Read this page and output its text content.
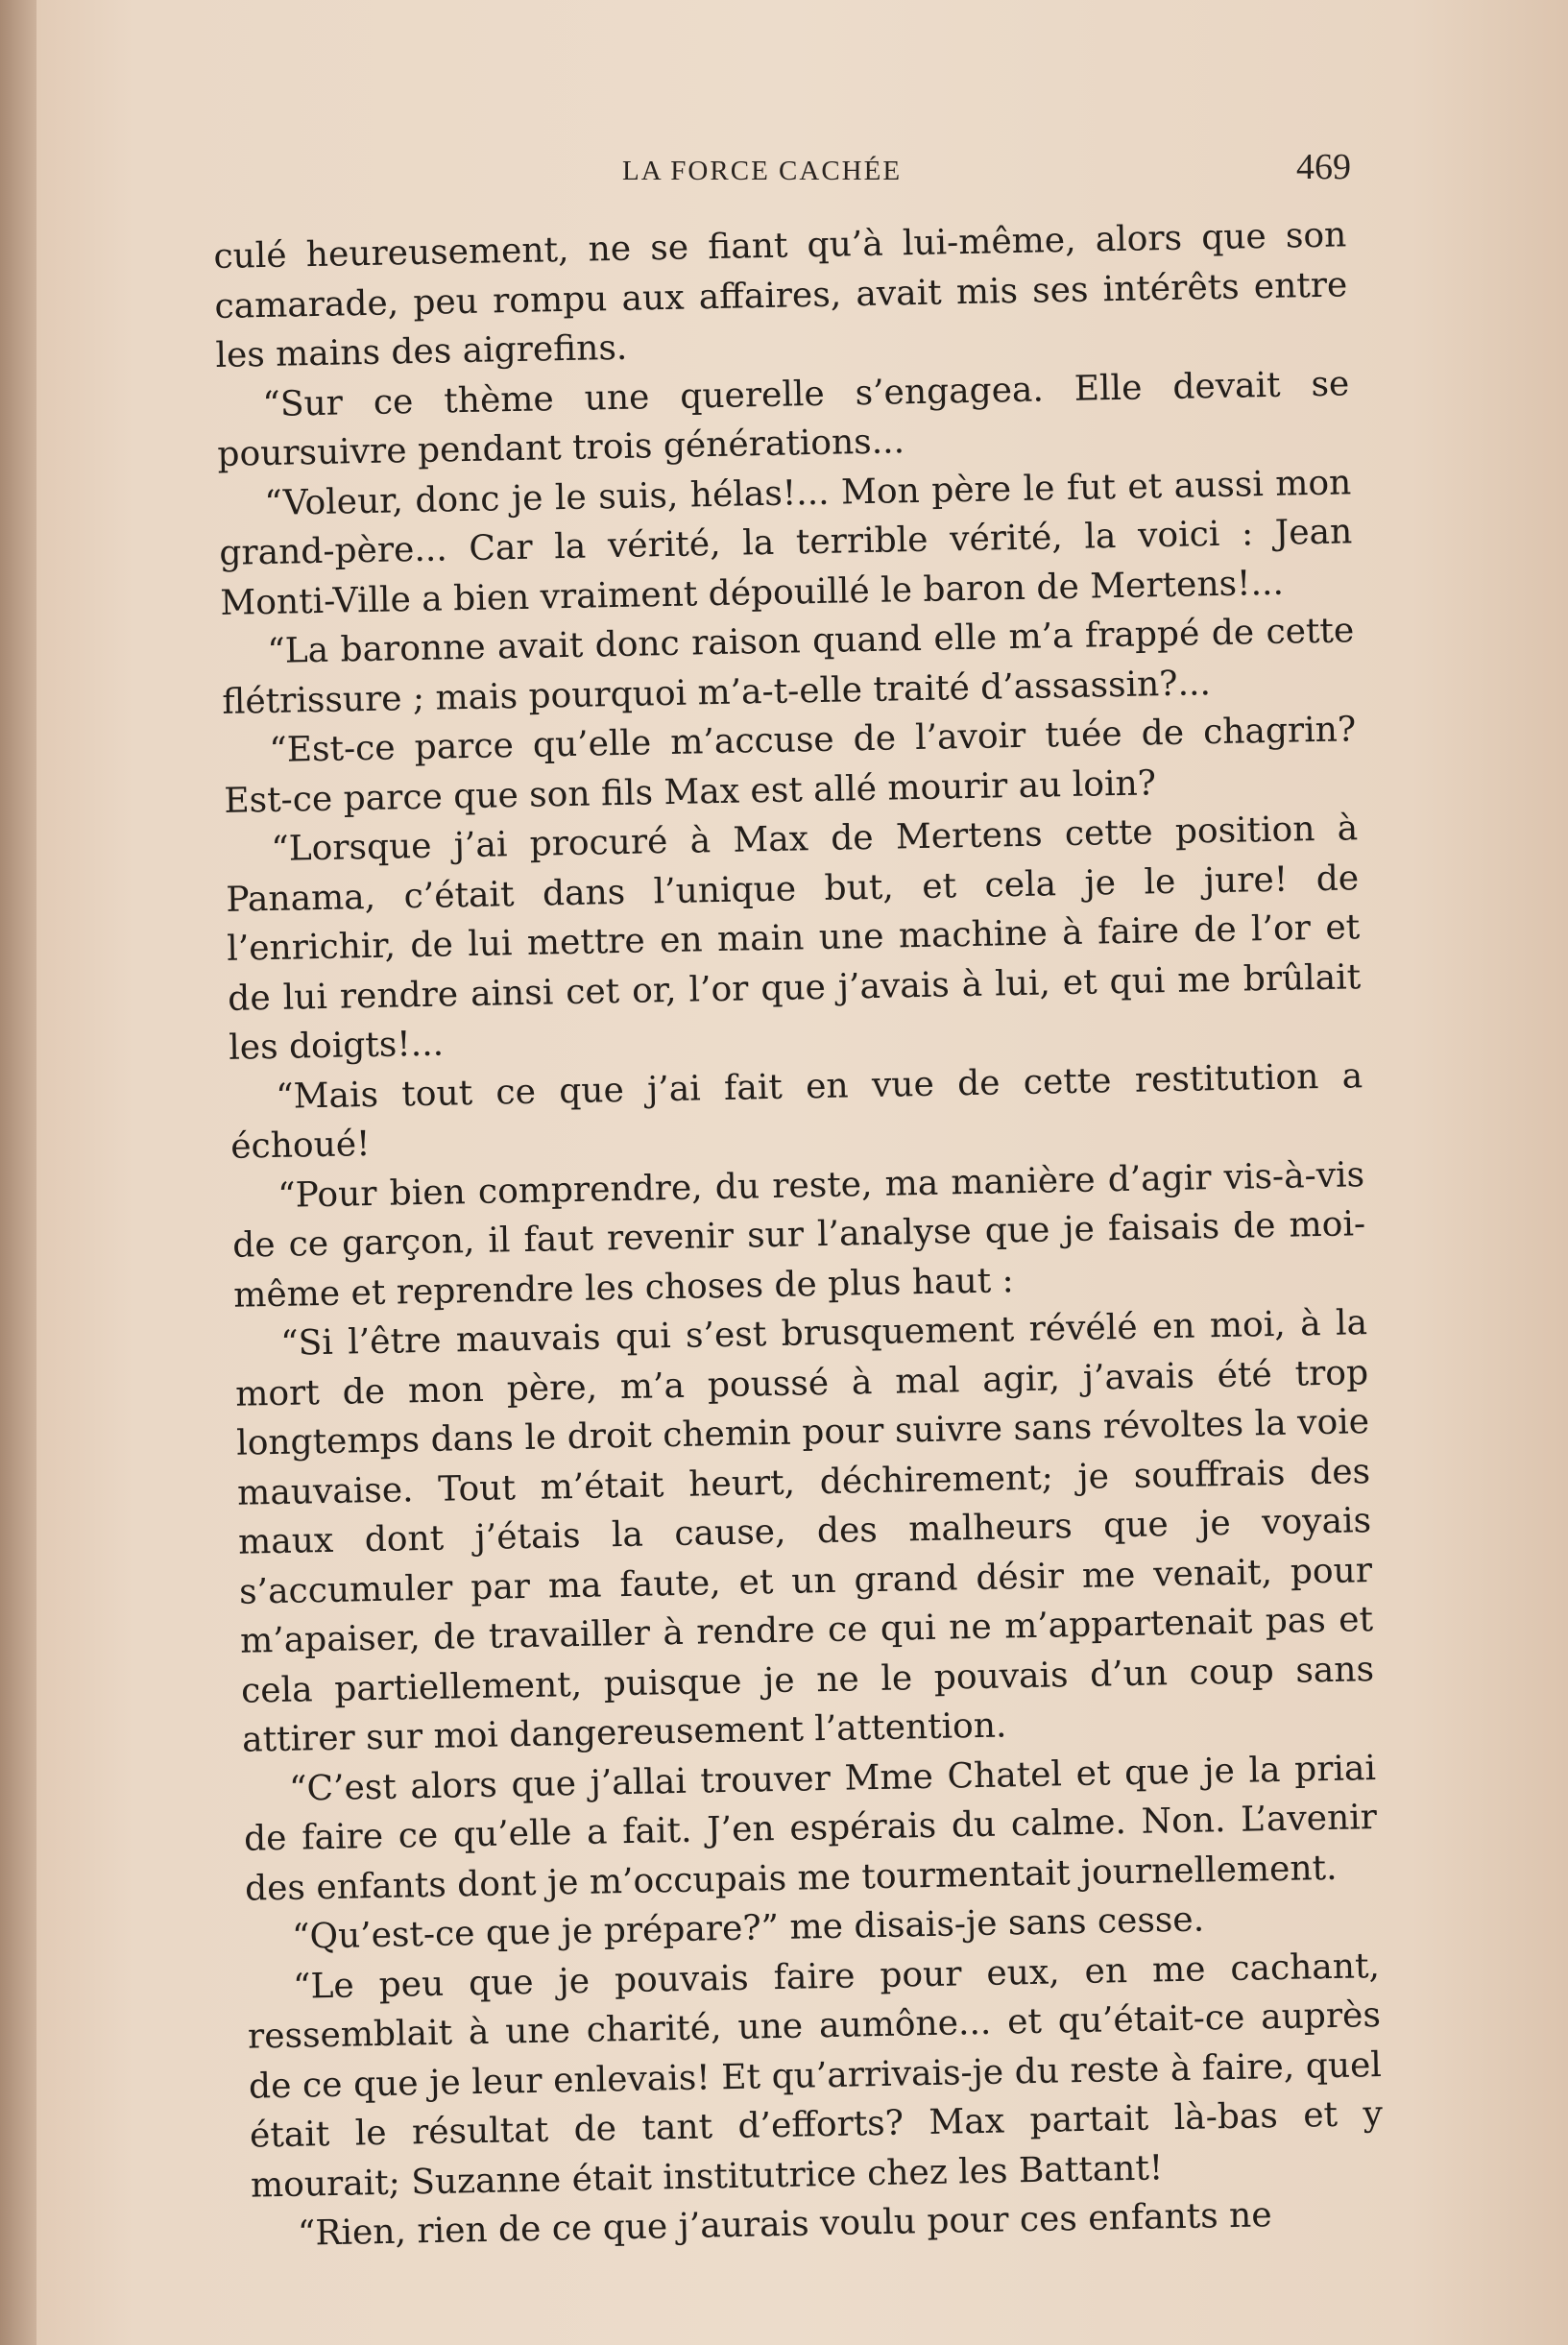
LA FORCE CACHÉE	469

culé heureusement, ne se fiant qu’à lui-même, alors que son camarade, peu rompu aux affaires, avait mis ses intérêts entre les mains des aigrefins.

“Sur ce thème une querelle s’engagea. Elle devait se poursuivre pendant trois générations...

“Voleur, donc je le suis, hélas!... Mon père le fut et aussi mon grand-père... Car la vérité, la terrible vérité, la voici : Jean Monti-Ville a bien vraiment dépouillé le baron de Mertens!...

“La baronne avait donc raison quand elle m’a frappé de cette flétrissure ; mais pourquoi m’a-t-elle traité d’assassin?...

“Est-ce parce qu’elle m’accuse de l’avoir tuée de chagrin? Est-ce parce que son fils Max est allé mourir au loin?

“Lorsque j’ai procuré à Max de Mertens cette position à Panama, c’était dans l’unique but, et cela je le jure! de l’enrichir, de lui mettre en main une machine à faire de l’or et de lui rendre ainsi cet or, l’or que j’avais à lui, et qui me brûlait les doigts!...

“Mais tout ce que j’ai fait en vue de cette restitution a échoué!

“Pour bien comprendre, du reste, ma manière d’agir vis-à-vis de ce garçon, il faut revenir sur l’analyse que je faisais de moi-même et reprendre les choses de plus haut :

“Si l’être mauvais qui s’est brusquement révélé en moi, à la mort de mon père, m’a poussé à mal agir, j’avais été trop longtemps dans le droit chemin pour suivre sans révoltes la voie mauvaise. Tout m’était heurt, déchirement; je souffrais des maux dont j’étais la cause, des malheurs que je voyais s’accumuler par ma faute, et un grand désir me venait, pour m’apaiser, de travailler à rendre ce qui ne m’appartenait pas et cela partiellement, puisque je ne le pouvais d’un coup sans attirer sur moi dangereusement l’attention.

“C’est alors que j’allai trouver Mme Chatel et que je la priai de faire ce qu’elle a fait. J’en espérais du calme. Non. L’avenir des enfants dont je m’occupais me tourmentait journellement.

“Qu’est-ce que je prépare?” me disais-je sans cesse.

“Le peu que je pouvais faire pour eux, en me cachant, ressemblait à une charité, une aumône... et qu’était-ce auprès de ce que je leur enlevais! Et qu’arrivais-je du reste à faire, quel était le résultat de tant d’efforts? Max partait là-bas et y mourait; Suzanne était institutrice chez les Battant!

“Rien, rien de ce que j’aurais voulu pour ces enfants ne
